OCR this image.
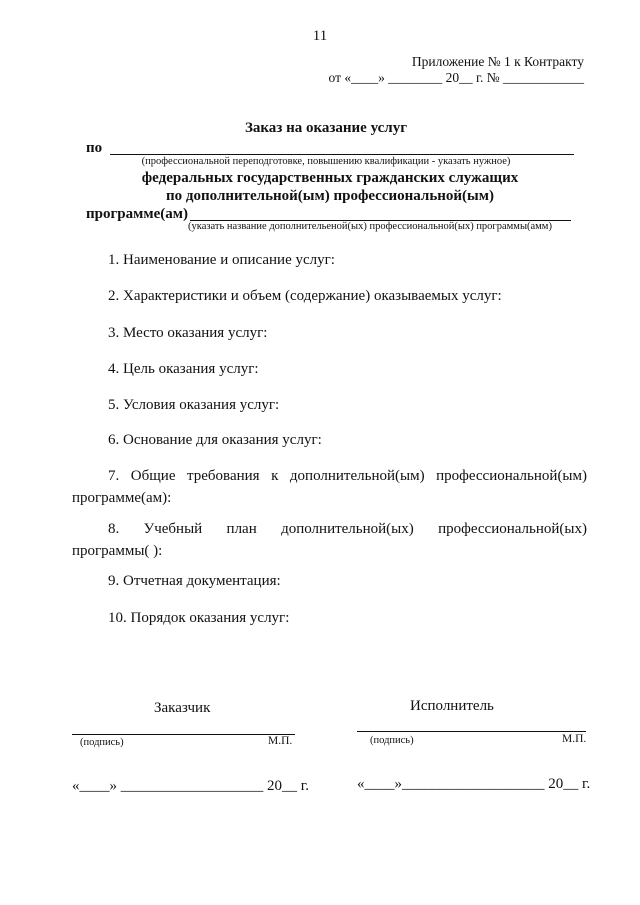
11
Приложение № 1 к Контракту
от «____» ________ 20__ г. № ____________
Заказ на оказание услуг
по
(профессиональной переподготовке, повышению квалификации - указать нужное)
федеральных государственных гражданских служащих
по дополнительной(ым) профессиональной(ым)
программе(ам)
(указать название дополнительеной(ых) профессиональной(ых) программы(амм)
1. Наименование и описание услуг:
2. Характеристики и объем (содержание) оказываемых услуг:
3. Место оказания услуг:
4. Цель оказания услуг:
5. Условия оказания услуг:
6. Основание для оказания услуг:
7. Общие требования к дополнительной(ым) профессиональной(ым)
программе(ам):
8. Учебный план дополнительной(ых) профессиональной(ых)
программы( ):
9. Отчетная документация:
10. Порядок оказания услуг:
Заказчик	Исполнитель
(подпись)	М.П.	(подпись)	М.П.
«____» ___________________ 20__ г.	«____»___________________ 20__ г.
